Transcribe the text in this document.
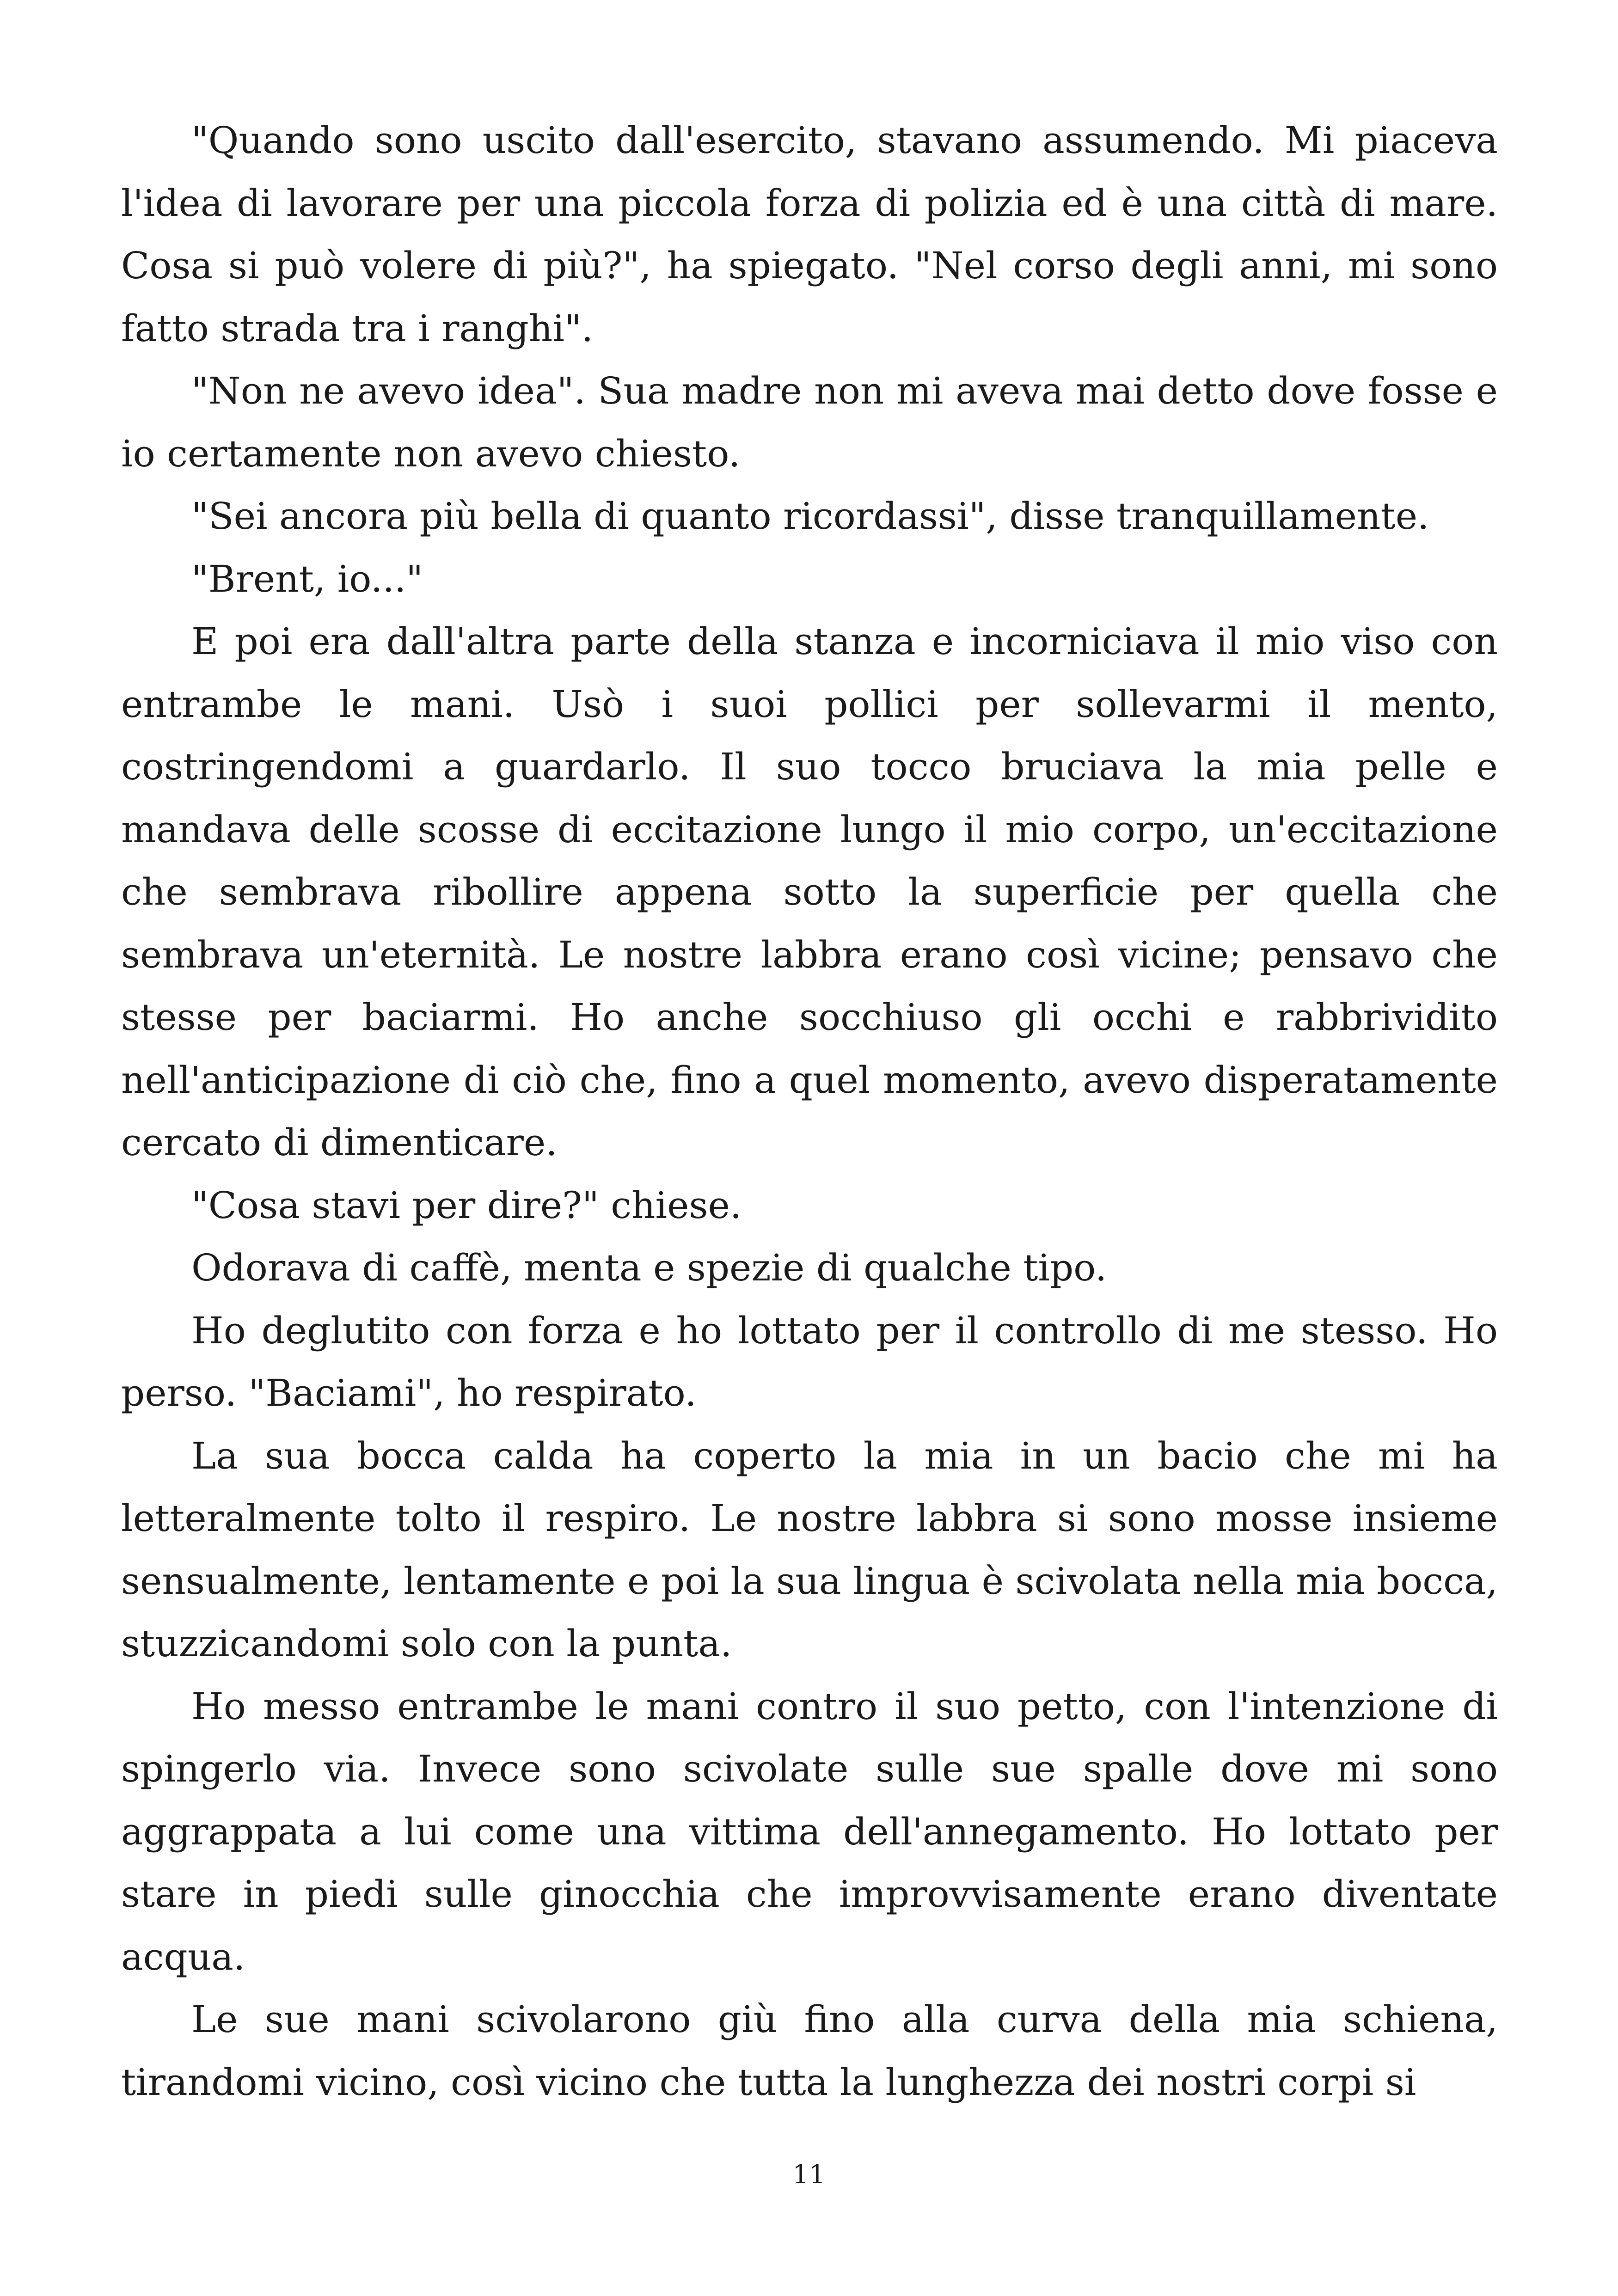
"Quando sono uscito dall'esercito, stavano assumendo. Mi piaceva l'idea di lavorare per una piccola forza di polizia ed è una città di mare. Cosa si può volere di più?", ha spiegato. "Nel corso degli anni, mi sono fatto strada tra i ranghi".

"Non ne avevo idea". Sua madre non mi aveva mai detto dove fosse e io certamente non avevo chiesto.

"Sei ancora più bella di quanto ricordassi", disse tranquillamente.

"Brent, io..."

E poi era dall'altra parte della stanza e incorniciava il mio viso con entrambe le mani. Usò i suoi pollici per sollevarmi il mento, costringendomi a guardarlo. Il suo tocco bruciava la mia pelle e mandava delle scosse di eccitazione lungo il mio corpo, un'eccitazione che sembrava ribollire appena sotto la superficie per quella che sembrava un'eternità. Le nostre labbra erano così vicine; pensavo che stesse per baciarmi. Ho anche socchiuso gli occhi e rabbrividito nell'anticipazione di ciò che, fino a quel momento, avevo disperatamente cercato di dimenticare.

"Cosa stavi per dire?" chiese.

Odorava di caffè, menta e spezie di qualche tipo.

Ho deglutito con forza e ho lottato per il controllo di me stesso. Ho perso. "Baciami", ho respirato.

La sua bocca calda ha coperto la mia in un bacio che mi ha letteralmente tolto il respiro. Le nostre labbra si sono mosse insieme sensualmente, lentamente e poi la sua lingua è scivolata nella mia bocca, stuzzicandomi solo con la punta.

Ho messo entrambe le mani contro il suo petto, con l'intenzione di spingerlo via. Invece sono scivolate sulle sue spalle dove mi sono aggrappata a lui come una vittima dell'annegamento. Ho lottato per stare in piedi sulle ginocchia che improvvisamente erano diventate acqua.

Le sue mani scivolarono giù fino alla curva della mia schiena, tirandomi vicino, così vicino che tutta la lunghezza dei nostri corpi si

11
